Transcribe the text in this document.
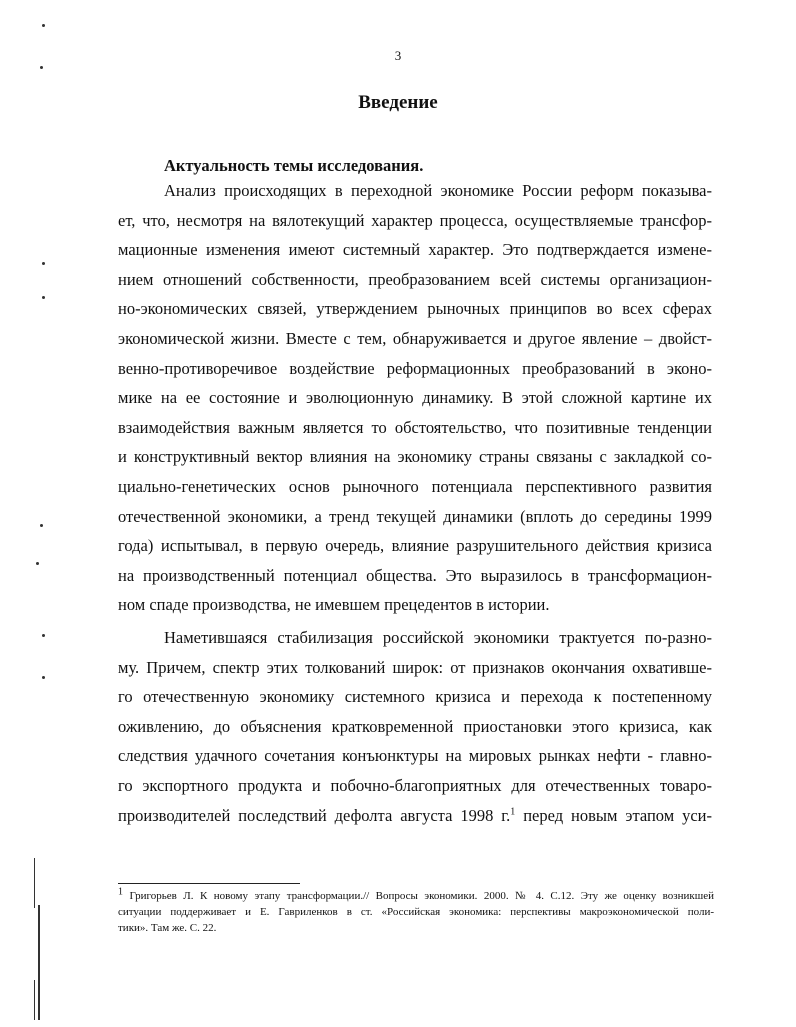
3
Введение
Актуальность темы исследования.
Анализ происходящих в переходной экономике России реформ показыва-
ет, что, несмотря на вялотекущий характер процесса, осуществляемые трансфор-
мационные изменения имеют системный характер. Это подтверждается измене-
нием отношений собственности, преобразованием всей системы организацион-
но-экономических связей, утверждением рыночных принципов во всех сферах
экономической жизни. Вместе с тем, обнаруживается и другое явление – двойст-
венно-противоречивое воздействие реформационных преобразований в эконо-
мике на ее состояние и эволюционную динамику. В этой сложной картине их
взаимодействия важным является то обстоятельство, что позитивные тенденции
и конструктивный вектор влияния на экономику страны связаны с закладкой со-
циально-генетических основ рыночного потенциала перспективного развития
отечественной экономики, а тренд текущей динамики (вплоть до середины 1999
года) испытывал, в первую очередь, влияние разрушительного действия кризиса
на производственный потенциал общества. Это выразилось в трансформацион-
ном спаде производства, не имевшем прецедентов в истории.
Наметившаяся стабилизация российской экономики трактуется по-разно-
му. Причем, спектр этих толкований широк: от признаков окончания охвативше-
го отечественную экономику системного кризиса и перехода к постепенному
оживлению, до объяснения кратковременной приостановки этого кризиса, как
следствия удачного сочетания конъюнктуры на мировых рынках нефти - главно-
го экспортного продукта и побочно-благоприятных для отечественных товаро-
производителей последствий дефолта августа 1998 г.$^1$ перед новым этапом уси-
$^1$ Григорьев Л. К новому этапу трансформации.// Вопросы экономики. 2000. № 4. С.12. Эту же оценку возникшей
ситуации поддерживает и Е. Гавриленков в ст. «Российская экономика: перспективы макроэкономической поли-
тики». Там же. С. 22.
